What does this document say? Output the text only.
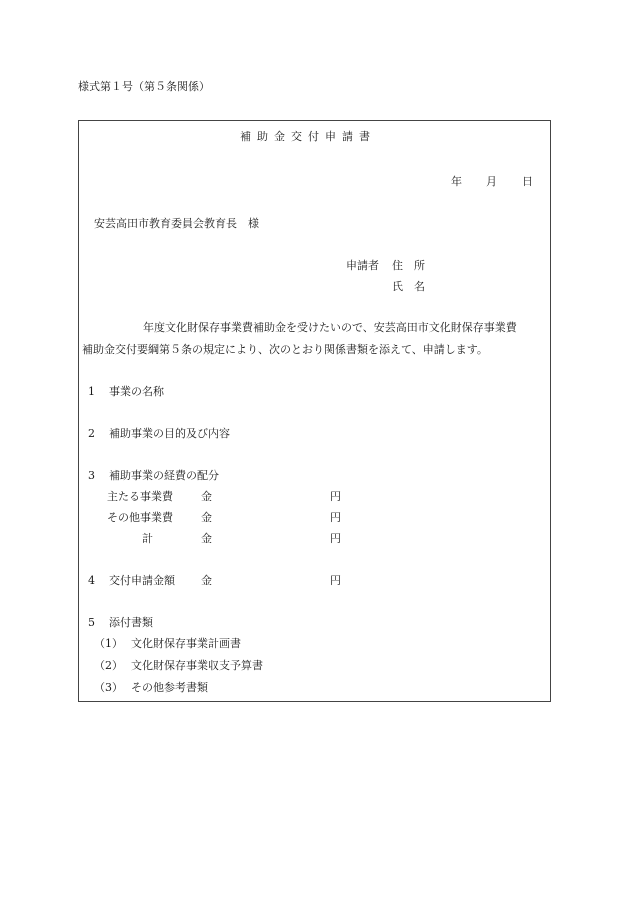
様式第１号（第５条関係）
補助金交付申請書
年 月 日
安芸高田市教育委員会教育長　様
申請者 住　所
氏　名
年度文化財保存事業費補助金を受けたいので、安芸高田市文化財保存事業費
補助金交付要綱第５条の規定により、次のとおり関係書類を添えて、申請します。
1 事業の名称
2 補助事業の目的及び内容
3 補助事業の経費の配分
主たる事業費	金	円
その他事業費	金	円
計	金	円
4 交付申請金額 金	円
5 添付書類
（1） 文化財保存事業計画書
（2） 文化財保存事業収支予算書
（3） その他参考書類
